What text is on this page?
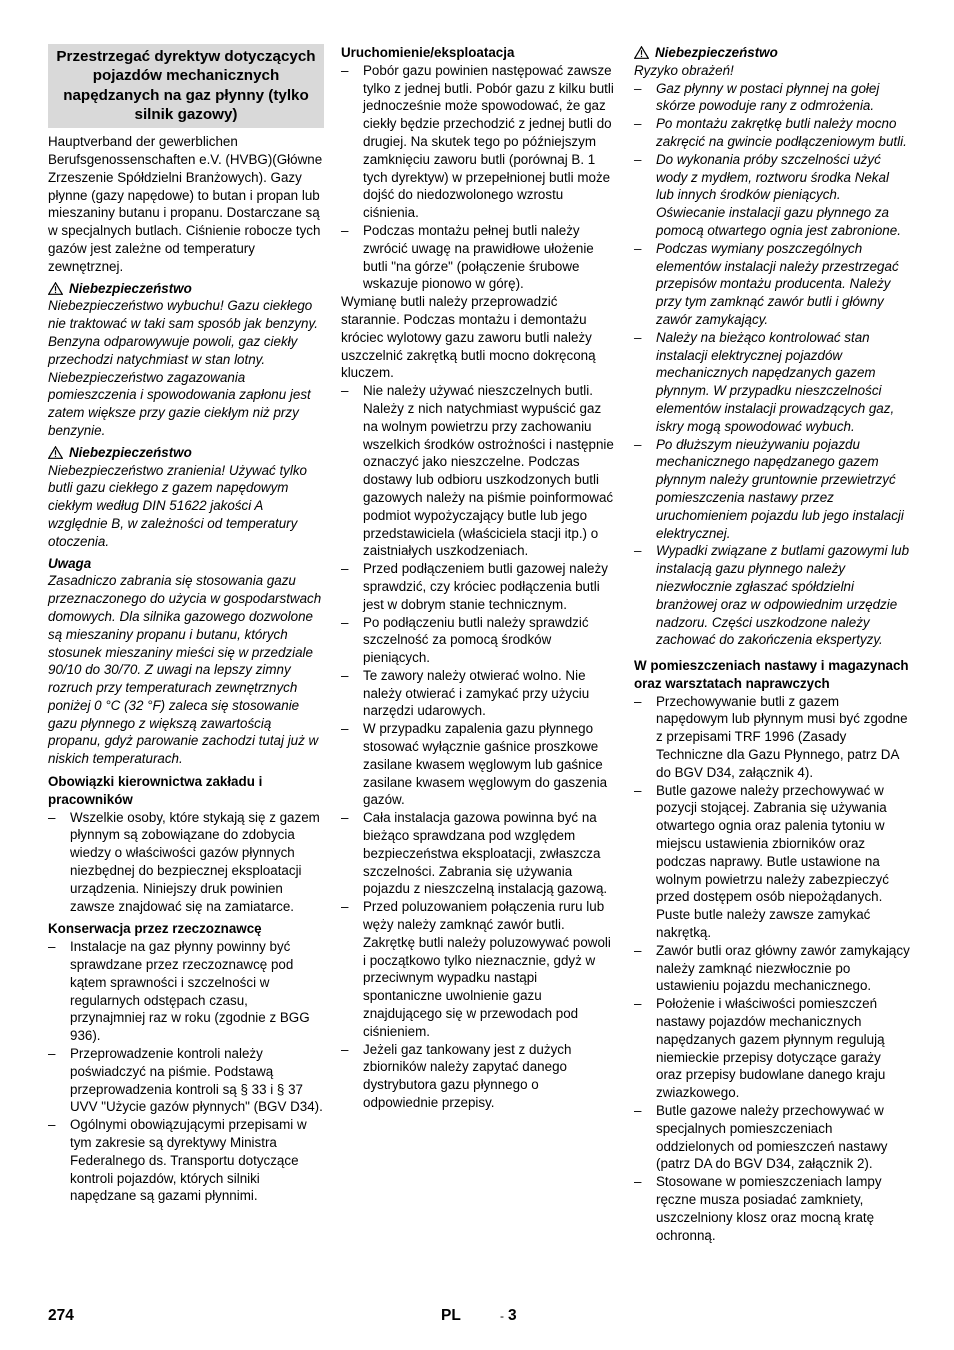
Przestrzegać dyrektyw dotyczących pojazdów mechanicznych napędzanych na gaz płynny (tylko silnik gazowy)

Hauptverband der gewerblichen Berufsgenossenschaften e.V. (HVBG)(Główne Zrzeszenie Spółdzielni Branżowych). Gazy płynne (gazy napędowe) to butan i propan lub mieszaniny butanu i propanu. Dostarczane są w specjalnych butlach. Ciśnienie robocze tych gazów jest zależne od temperatury zewnętrznej.

Niebezpieczeństwo

Niebezpieczeństwo wybuchu! Gazu ciekłego nie traktować w taki sam sposób jak benzyny. Benzyna odparowywuje powoli, gaz ciekły przechodzi natychmiast w stan lotny. Niebezpieczeństwo zagazowania pomieszczenia i spowodowania zapłonu jest zatem większe przy gazie ciekłym niż przy benzynie.

Niebezpieczeństwo

Niebezpieczeństwo zranienia! Używać tylko butli gazu ciekłego z gazem napędowym ciekłym według DIN 51622 jakości A względnie B, w zależności od temperatury otoczenia.

Uwaga

Zasadniczo zabrania się stosowania gazu przeznaczonego do użycia w gospodarstwach domowych. Dla silnika gazowego dozwolone są mieszaniny propanu i butanu, których stosunek mieszaniny mieści się w przedziale 90/10 do 30/70. Z uwagi na lepszy zimny rozruch przy temperaturach zewnętrznych poniżej 0 °C (32 °F) zaleca się stosowanie gazu płynnego z większą zawartością propanu, gdyż parowanie zachodzi tutaj już w niskich temperaturach.

Obowiązki kierownictwa zakładu i pracowników

– Wszelkie osoby, które stykają się z gazem płynnym są zobowiązane do zdobycia wiedzy o właściwości gazów płynnych niezbędnej do bezpiecznej eksploatacji urządzenia. Niniejszy druk powinien zawsze znajdować się na zamiatarce.

Konserwacja przez rzeczoznawcę

– Instalacje na gaz płynny powinny być sprawdzane przez rzeczoznawcę pod kątem sprawności i szczelności w regularnych odstępach czasu, przynajmniej raz w roku (zgodnie z BGG 936).
– Przeprowadzenie kontroli należy poświadczyć na piśmie. Podstawą przeprowadzenia kontroli są § 33 i § 37 UVV "Użycie gazów płynnych" (BGV D34).
– Ogólnymi obowiązującymi przepisami w tym zakresie są dyrektywy Ministra Federalnego ds. Transportu dotyczące kontroli pojazdów, których silniki napędzane są gazami płynnimi.

Uruchomienie/eksploatacja

– Pobór gazu powinien następować zawsze tylko z jednej butli. Pobór gazu z kilku butli jednocześnie może spowodować, że gaz ciekły będzie przechodzić z jednej butli do drugiej. Na skutek tego po późniejszym zamknięciu zaworu butli (porównaj B. 1 tych dyrektyw) w przepełnionej butli może dojść do niedozwolonego wzrostu ciśnienia.
– Podczas montażu pełnej butli należy zwrócić uwagę na prawidłowe ułożenie butli "na górze" (połączenie śrubowe wskazuje pionowo w górę).

Wymianę butli należy przeprowadzić starannie. Podczas montażu i demontażu króciec wylotowy gazu zaworu butli należy uszczelnić zakrętką butli mocno dokręconą kluczem.

– Nie należy używać nieszczelnych butli. Należy z nich natychmiast wypuścić gaz na wolnym powietrzu przy zachowaniu wszelkich środków ostrożności i następnie oznaczyć jako nieszczelne. Podczas dostawy lub odbioru uszkodzonych butli gazowych należy na piśmie poinformować podmiot wypożyczający butle lub jego przedstawiciela (właściciela stacji itp.) o zaistniałych uszkodzeniach.
– Przed podłączeniem butli gazowej należy sprawdzić, czy króciec podłączenia butli jest w dobrym stanie technicznym.
– Po podłączeniu butli należy sprawdzić szczelność za pomocą środków pieniących.
– Te zawory należy otwierać wolno. Nie należy otwierać i zamykać przy użyciu narzędzi udarowych.
– W przypadku zapalenia gazu płynnego stosować wyłącznie gaśnice proszkowe zasilane kwasem węglowym lub gaśnice zasilane kwasem węglowym do gaszenia gazów.
– Cała instalacja gazowa powinna być na bieżąco sprawdzana pod względem bezpieczeństwa eksploatacji, zwłaszcza szczelności. Zabrania się używania pojazdu z nieszczelną instalacją gazową.
– Przed poluzowaniem połączenia ruru lub węży należy zamknąć zawór butli. Zakrętkę butli należy poluzowywać powoli i początkowo tylko nieznacznie, gdyż w przeciwnym wypadku nastąpi spontaniczne uwolnienie gazu znajdującego się w przewodach pod ciśnieniem.
– Jeżeli gaz tankowany jest z dużych zbiorników należy zapytać danego dystrybutora gazu płynnego o odpowiednie przepisy.
Niebezpieczeństwo

Ryzyko obrażeń!

– Gaz płynny w postaci płynnej na gołej skórze powoduje rany z odmrożenia.
– Po montażu zakrętkę butli należy mocno zakręcić na gwincie podłączeniowym butli.
– Do wykonania próby szczelności użyć wody z mydłem, roztworu środka Nekal lub innych środków pieniących. Oświecanie instalacji gazu płynnego za pomocą otwartego ognia jest zabronione.
– Podczas wymiany poszczególnych elementów instalacji należy przestrzegać przepisów montażu producenta. Należy przy tym zamknąć zawór butli i główny zawór zamykający.
– Należy na bieżąco kontrolować stan instalacji elektrycznej pojazdów mechanicznych napędzanych gazem płynnym. W przypadku nieszczelności elementów instalacji prowadzących gaz, iskry mogą spowodować wybuch.
– Po dłuższym nieużywaniu pojazdu mechanicznego napędzanego gazem płynnym należy gruntownie przewietrzyć pomieszczenia nastawy przez uruchomieniem pojazdu lub jego instalacji elektrycznej.
– Wypadki związane z butlami gazowymi lub instalacją gazu płynnego należy niezwłocznie zgłaszać spółdzielni branżowej oraz w odpowiednim urzędzie nadzoru. Części uszkodzone należy zachować do zakończenia ekspertyzy.

W pomieszczeniach nastawy i magazynach oraz warsztatach naprawczych

– Przechowywanie butli z gazem napędowym lub płynnym musi być zgodne z przepisami TRF 1996 (Zasady Techniczne dla Gazu Płynnego, patrz DA do BGV D34, załącznik 4).
– Butle gazowe należy przechowywać w pozycji stojącej. Zabrania się używania otwartego ognia oraz palenia tytoniu w miejscu ustawienia zbiorników oraz podczas naprawy. Butle ustawione na wolnym powietrzu należy zabezpieczyć przed dostępem osób niepożądanych. Puste butle należy zawsze zamykać nakrętką.
– Zawór butli oraz główny zawór zamykający należy zamknąć niezwłocznie po ustawieniu pojazdu mechanicznego.
– Położenie i właściwości pomieszczeń nastawy pojazdów mechanicznych napędzanych gazem płynnym regulują niemieckie przepisy dotyczące garaży oraz przepisy budowlane danego kraju zwiazkowego.
– Butle gazowe należy przechowywać w specjalnych pomieszczeniach oddzielonych od pomieszczeń nastawy (patrz DA do BGV D34, załącznik 2).
– Stosowane w pomieszczeniach lampy ręczne musza posiadać zamkniety, uszczelniony klosz oraz mocną kratę ochronną.
274	PL	- 3
